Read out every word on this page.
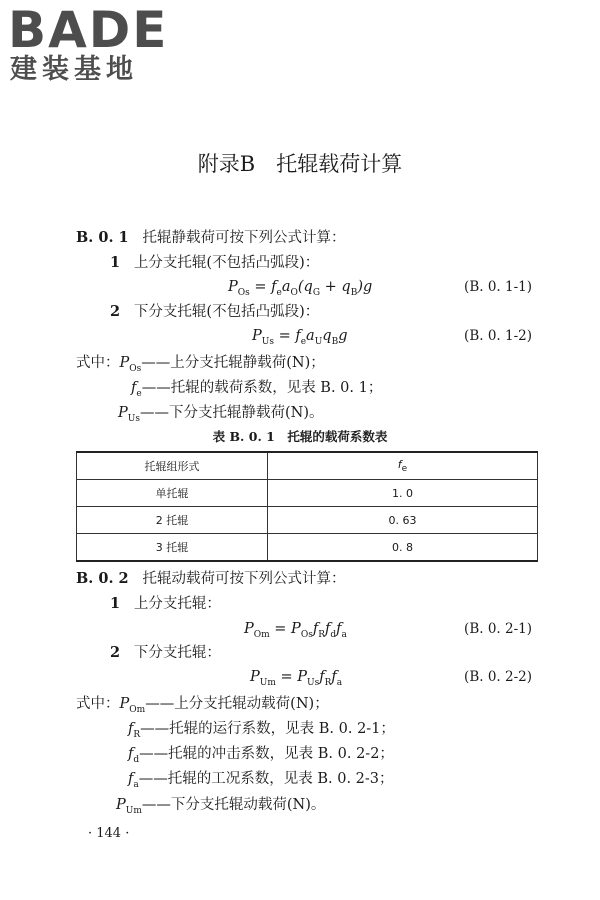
BADE
建装基地
附录B　托辊载荷计算
B. 0. 1 托辊静载荷可按下列公式计算：
1 上分支托辊(不包括凸弧段)：
$P_{Os} = f_ea_O(q_G + q_B)g$	(B. 0. 1-1)
2 下分支托辊(不包括凸弧段)：
$P_{Us} = f_ea_Uq_Bg$	(B. 0. 1-2)
式中：$P_{Os}——$上分支托辊静载荷(N)；
$f_e——$托辊的载荷系数，见表 B. 0. 1；
$P_{Us}——$下分支托辊静载荷(N)。
表 B. 0. 1　托辊的载荷系数表
托辊组形式	$f_e$
单托辊	1. 0
2 托辊	0. 63
3 托辊	0. 8
B. 0. 2 托辊动载荷可按下列公式计算：
1 上分支托辊：
$P_{Om} = P_{Os}f_Rf_df_a$	(B. 0. 2-1)
2 下分支托辊：
$P_{Um} = P_{Us}f_Rf_a$	(B. 0. 2-2)
式中：$P_{Om}——$上分支托辊动载荷(N)；
$f_R——$托辊的运行系数，见表 B. 0. 2-1；
$f_d——$托辊的冲击系数，见表 B. 0. 2-2；
$f_a——$托辊的工况系数，见表 B. 0. 2-3；
$P_{Um}——$下分支托辊动载荷(N)。
· 144 ·
